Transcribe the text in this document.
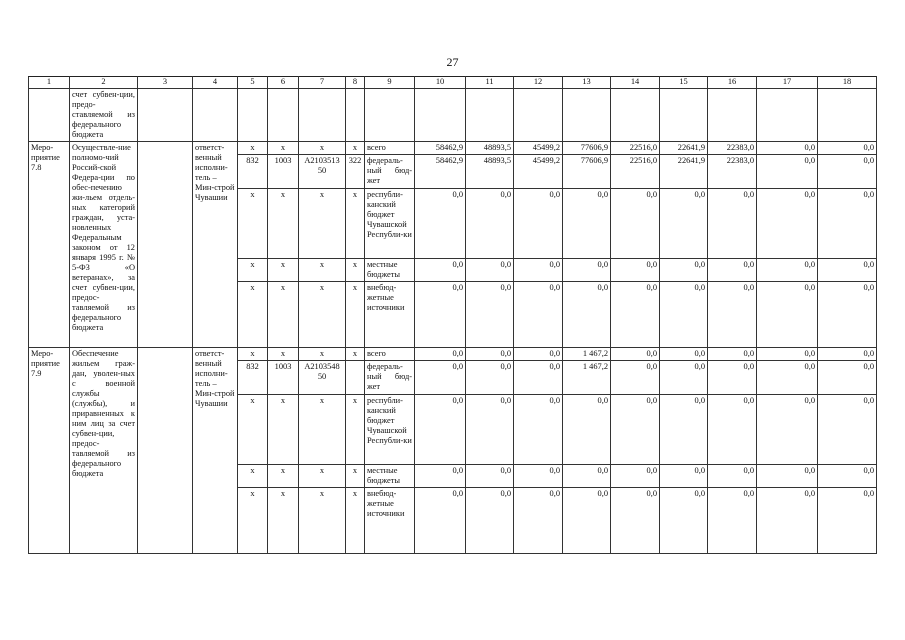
27
1	2	3	4	5	6	7	8	9	10	11	12	13	14	15	16	17	18
	счет субвен-ции, предо-ставляемой из федерального бюджета																
Меро-приятие 7.8	Осуществле-ние полномо-чий Россий-ской Федера-ции по обес-печению жи-льем отдель-ных категорий граждан, уста-новленных Федеральным законом от 12 января 1995 г. № 5-ФЗ «О ветеранах», за счет субвен-ции, предос-тавляемой из федерального бюджета		ответст-венный исполни-тель – Мин-строй Чувашии	x	x	x	x	всего	58462,9	48893,5	45499,2	77606,9	22516,0	22641,9	22383,0	0,0	0,0
				832	1003	A2103513 50	322	федераль-ный бюд-жет	58462,9	48893,5	45499,2	77606,9	22516,0	22641,9	22383,0	0,0	0,0
				x	x	x	x	республи-канский бюджет Чувашской Республи-ки	0,0	0,0	0,0	0,0	0,0	0,0	0,0	0,0	0,0
				x	x	x	x	местные бюджеты	0,0	0,0	0,0	0,0	0,0	0,0	0,0	0,0	0,0
				x	x	x	x	внебюд-жетные источники	0,0	0,0	0,0	0,0	0,0	0,0	0,0	0,0	0,0
Меро-приятие 7.9	Обеспечение жильем граж-дан, уволен-ных с военной службы (службы), и приравненных к ним лиц за счет субвен-ции, предос-тавляемой из федерального бюджета		ответст-венный исполни-тель – Мин-строй Чувашии	x	x	x	x	всего	0,0	0,0	0,0	1 467,2	0,0	0,0	0,0	0,0	0,0
				832	1003	A2103548 50		федераль-ный бюд-жет	0,0	0,0	0,0	1 467,2	0,0	0,0	0,0	0,0	0,0
				x	x	x	x	республи-канский бюджет Чувашской Республи-ки	0,0	0,0	0,0	0,0	0,0	0,0	0,0	0,0	0,0
				x	x	x	x	местные бюджеты	0,0	0,0	0,0	0,0	0,0	0,0	0,0	0,0	0,0
				x	x	x	x	внебюд-жетные источники	0,0	0,0	0,0	0,0	0,0	0,0	0,0	0,0	0,0
